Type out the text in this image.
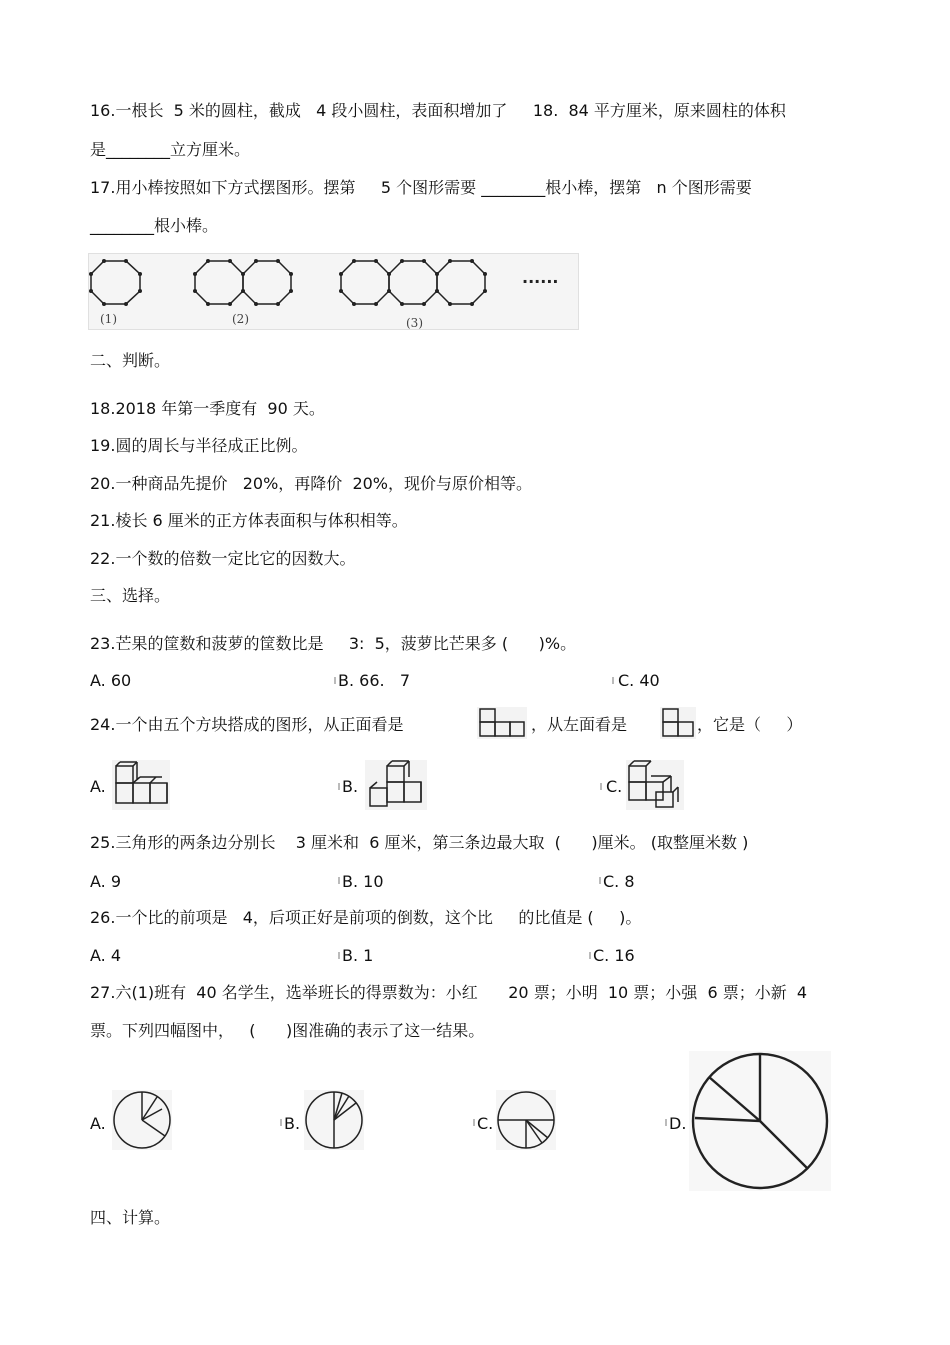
16.一根长  5 米的圆柱，截成   4 段小圆柱，表面积增加了     18.  84 平方厘米，原来圆柱的体积
是________立方厘米。
17.用小棒按照如下方式摆图形。摆第     5 个图形需要 ________根小棒，摆第   n 个图形需要
________根小棒。
(1)	(2)	(3)
······
二、判断。
18.2018 年第一季度有  90 天。
19.圆的周长与半径成正比例。
20.一种商品先提价   20%，再降价  20%，现价与原价相等。
21.棱长 6 厘米的正方体表面积与体积相等。
22.一个数的倍数一定比它的因数大。
三、选择。
23.芒果的筐数和菠萝的筐数比是     3:  5，菠萝比芒果多 (      )%。
A. 60	B. 66.   7	C. 40
24.一个由五个方块搭成的图形，从正面看是	，从左面看是	，它是（     ）
A.	B.	C.
25.三角形的两条边分别长    3 厘米和  6 厘米，第三条边最大取  (      )厘米。 (取整厘米数 )
A. 9	B. 10	C. 8
26.一个比的前项是   4，后项正好是前项的倒数，这个比     的比值是 (     )。
A. 4	B. 1	C. 16
27.六(1)班有  40 名学生，选举班长的得票数为：小红      20 票；小明  10 票；小强  6 票；小新  4
票。下列四幅图中，   (      )图准确的表示了这一结果。
A.	B.	C.	D.
四、计算。
